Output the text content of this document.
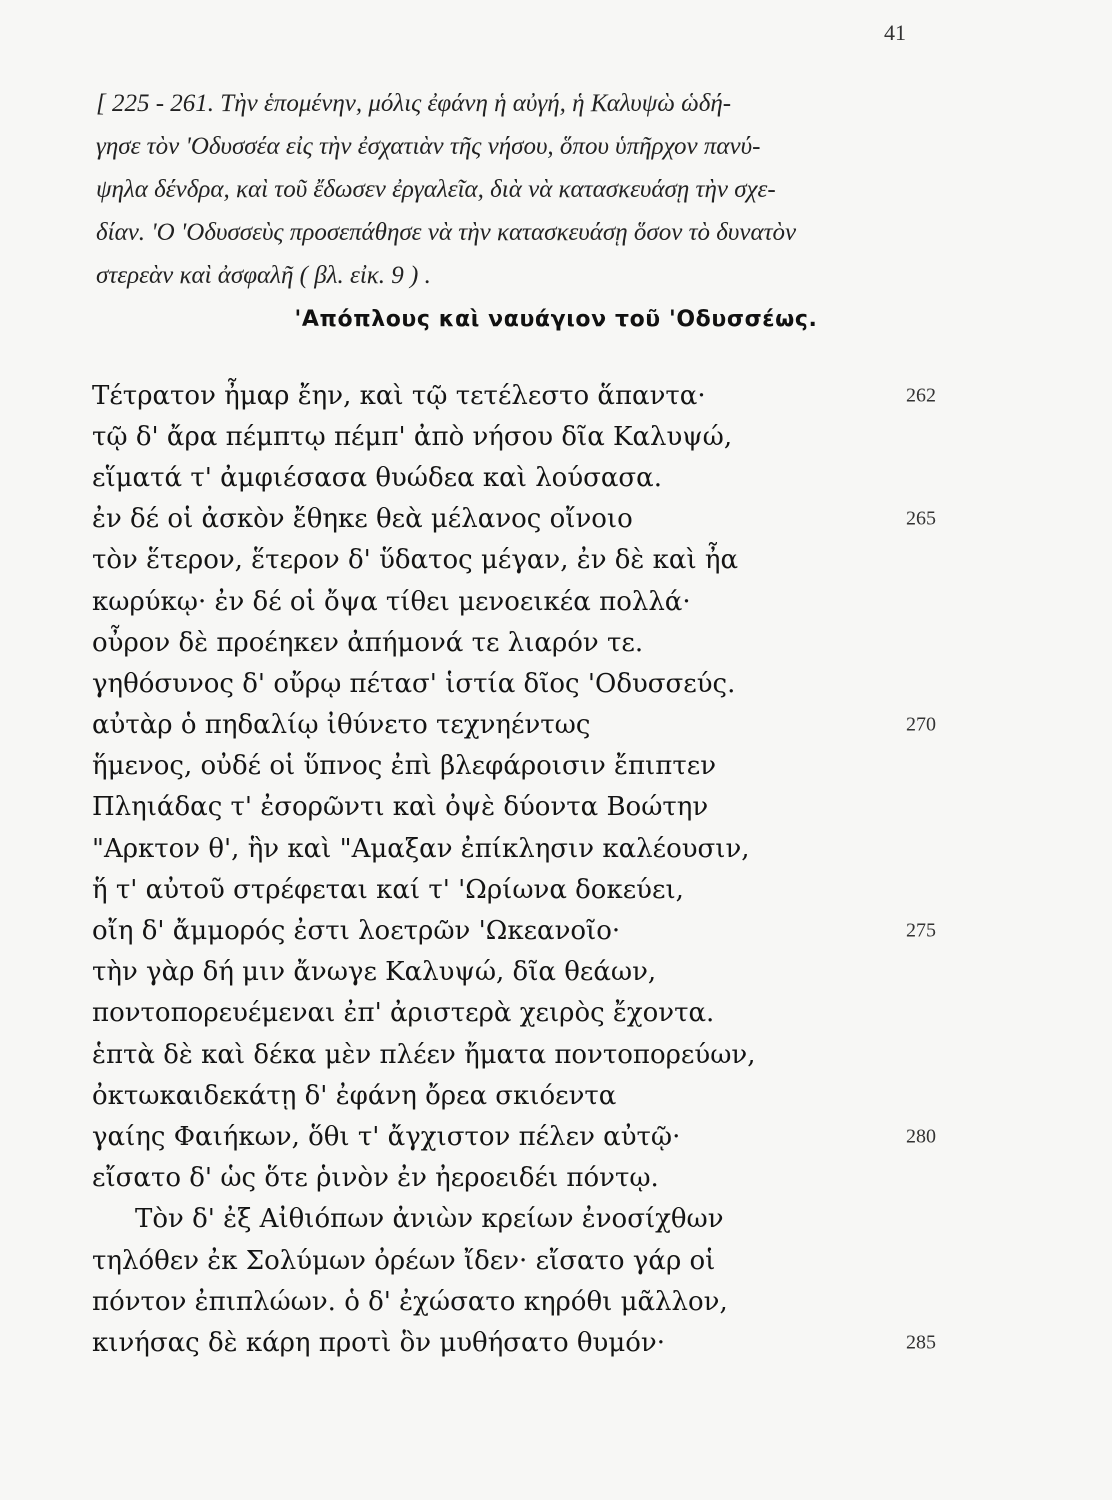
41
[ 225 - 261. Τὴν ἑπομένην, μόλις ἐφάνη ἡ αὐγή, ἡ Καλυψὼ ὡδή-
γησε τὸν 'Οδυσσέα εἰς τὴν ἐσχατιὰν τῆς νήσου, ὅπου ὑπῆρχον πανύ-
ψηλα δένδρα, καὶ τοῦ ἔδωσεν ἐργαλεῖα, διὰ νὰ κατασκευάσῃ τὴν σχε-
δίαν. 'Ο 'Οδυσσεὺς προσεπάθησε νὰ τὴν κατασκευάσῃ ὅσον τὸ δυνατὸν
στερεὰν καὶ ἀσφαλῆ ( βλ. εἰκ. 9 ) .
'Απόπλους καὶ ναυάγιον τοῦ 'Οδυσσέως.
Τέτρατον ἦμαρ ἔην, καὶ τῷ τετέλεστο ἅπαντα·	262
τῷ δ' ἄρα πέμπτῳ πέμπ' ἀπὸ νήσου δῖα Καλυψώ,
εἵματά τ' ἀμφιέσασα θυώδεα καὶ λούσασα.
ἐν δέ οἱ ἀσκὸν ἔθηκε θεὰ μέλανος οἴνοιο	265
τὸν ἕτερον, ἕτερον δ' ὕδατος μέγαν, ἐν δὲ καὶ ἦα
κωρύκῳ· ἐν δέ οἱ ὄψα τίθει μενοεικέα πολλά·
οὖρον δὲ προέηκεν ἀπήμονά τε λιαρόν τε.
γηθόσυνος δ' οὔρῳ πέτασ' ἱστία δῖος 'Οδυσσεύς.
αὐτὰρ ὁ πηδαλίῳ ἰθύνετο τεχνηέντως	270
ἥμενος, οὐδέ οἱ ὕπνος ἐπὶ βλεφάροισιν ἔπιπτεν
Πληιάδας τ' ἐσορῶντι καὶ ὀψὲ δύοντα Βοώτην
"Αρκτον θ', ἣν καὶ "Αμαξαν ἐπίκλησιν καλέουσιν,
ἥ τ' αὐτοῦ στρέφεται καί τ' 'Ωρίωνα δοκεύει,
οἴη δ' ἄμμορός ἐστι λοετρῶν 'Ωκεανοῖο·	275
τὴν γὰρ δή μιν ἄνωγε Καλυψώ, δῖα θεάων,
ποντοπορευέμεναι ἐπ' ἀριστερὰ χειρὸς ἔχοντα.
ἑπτὰ δὲ καὶ δέκα μὲν πλέεν ἤματα ποντοπορεύων,
ὀκτωκαιδεκάτῃ δ' ἐφάνη ὄρεα σκιόεντα
γαίης Φαιήκων, ὅθι τ' ἄγχιστον πέλεν αὐτῷ·	280
εἴσατο δ' ὡς ὅτε ῥινὸν ἐν ἠεροειδέι πόντῳ.
Τὸν δ' ἐξ Αἰθιόπων ἀνιὼν κρείων ἐνοσίχθων
τηλόθεν ἐκ Σολύμων ὀρέων ἴδεν· εἴσατο γάρ οἱ
πόντον ἐπιπλώων. ὁ δ' ἐχώσατο κηρόθι μᾶλλον,
κινήσας δὲ κάρη προτὶ ὃν μυθήσατο θυμόν·	285
